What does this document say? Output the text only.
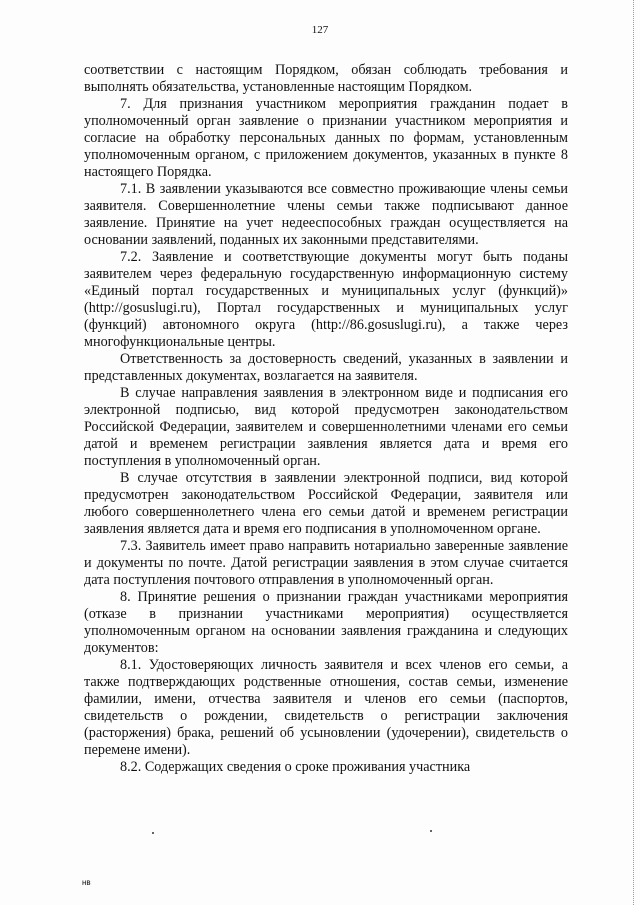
127

соответствии с настоящим Порядком, обязан соблюдать требования и выполнять обязательства, установленные настоящим Порядком.

7. Для признания участником мероприятия гражданин подает в уполномоченный орган заявление о признании участником мероприятия и согласие на обработку персональных данных по формам, установленным уполномоченным органом, с приложением документов, указанных в пункте 8 настоящего Порядка.

7.1. В заявлении указываются все совместно проживающие члены семьи заявителя. Совершеннолетние члены семьи также подписывают данное заявление. Принятие на учет недееспособных граждан осуществляется на основании заявлений, поданных их законными представителями.

7.2. Заявление и соответствующие документы могут быть поданы заявителем через федеральную государственную информационную систему «Единый портал государственных и муниципальных услуг (функций)» (http://gosuslugi.ru), Портал государственных и муниципальных услуг (функций) автономного округа (http://86.gosuslugi.ru), а также через многофункциональные центры.

Ответственность за достоверность сведений, указанных в заявлении и представленных документах, возлагается на заявителя.

В случае направления заявления в электронном виде и подписания его электронной подписью, вид которой предусмотрен законодательством Российской Федерации, заявителем и совершеннолетними членами его семьи датой и временем регистрации заявления является дата и время его поступления в уполномоченный орган.

В случае отсутствия в заявлении электронной подписи, вид которой предусмотрен законодательством Российской Федерации, заявителя или любого совершеннолетнего члена его семьи датой и временем регистрации заявления является дата и время его подписания в уполномоченном органе.

7.3. Заявитель имеет право направить нотариально заверенные заявление и документы по почте. Датой регистрации заявления в этом случае считается дата поступления почтового отправления в уполномоченный орган.

8. Принятие решения о признании граждан участниками мероприятия (отказе в признании участниками мероприятия) осуществляется уполномоченным органом на основании заявления гражданина и следующих документов:

8.1. Удостоверяющих личность заявителя и всех членов его семьи, а также подтверждающих родственные отношения, состав семьи, изменение фамилии, имени, отчества заявителя и членов его семьи (паспортов, свидетельств о рождении, свидетельств о регистрации заключения (расторжения) брака, решений об усыновлении (удочерении), свидетельств о перемене имени).

8.2. Содержащих сведения о сроке проживания участника

нв
